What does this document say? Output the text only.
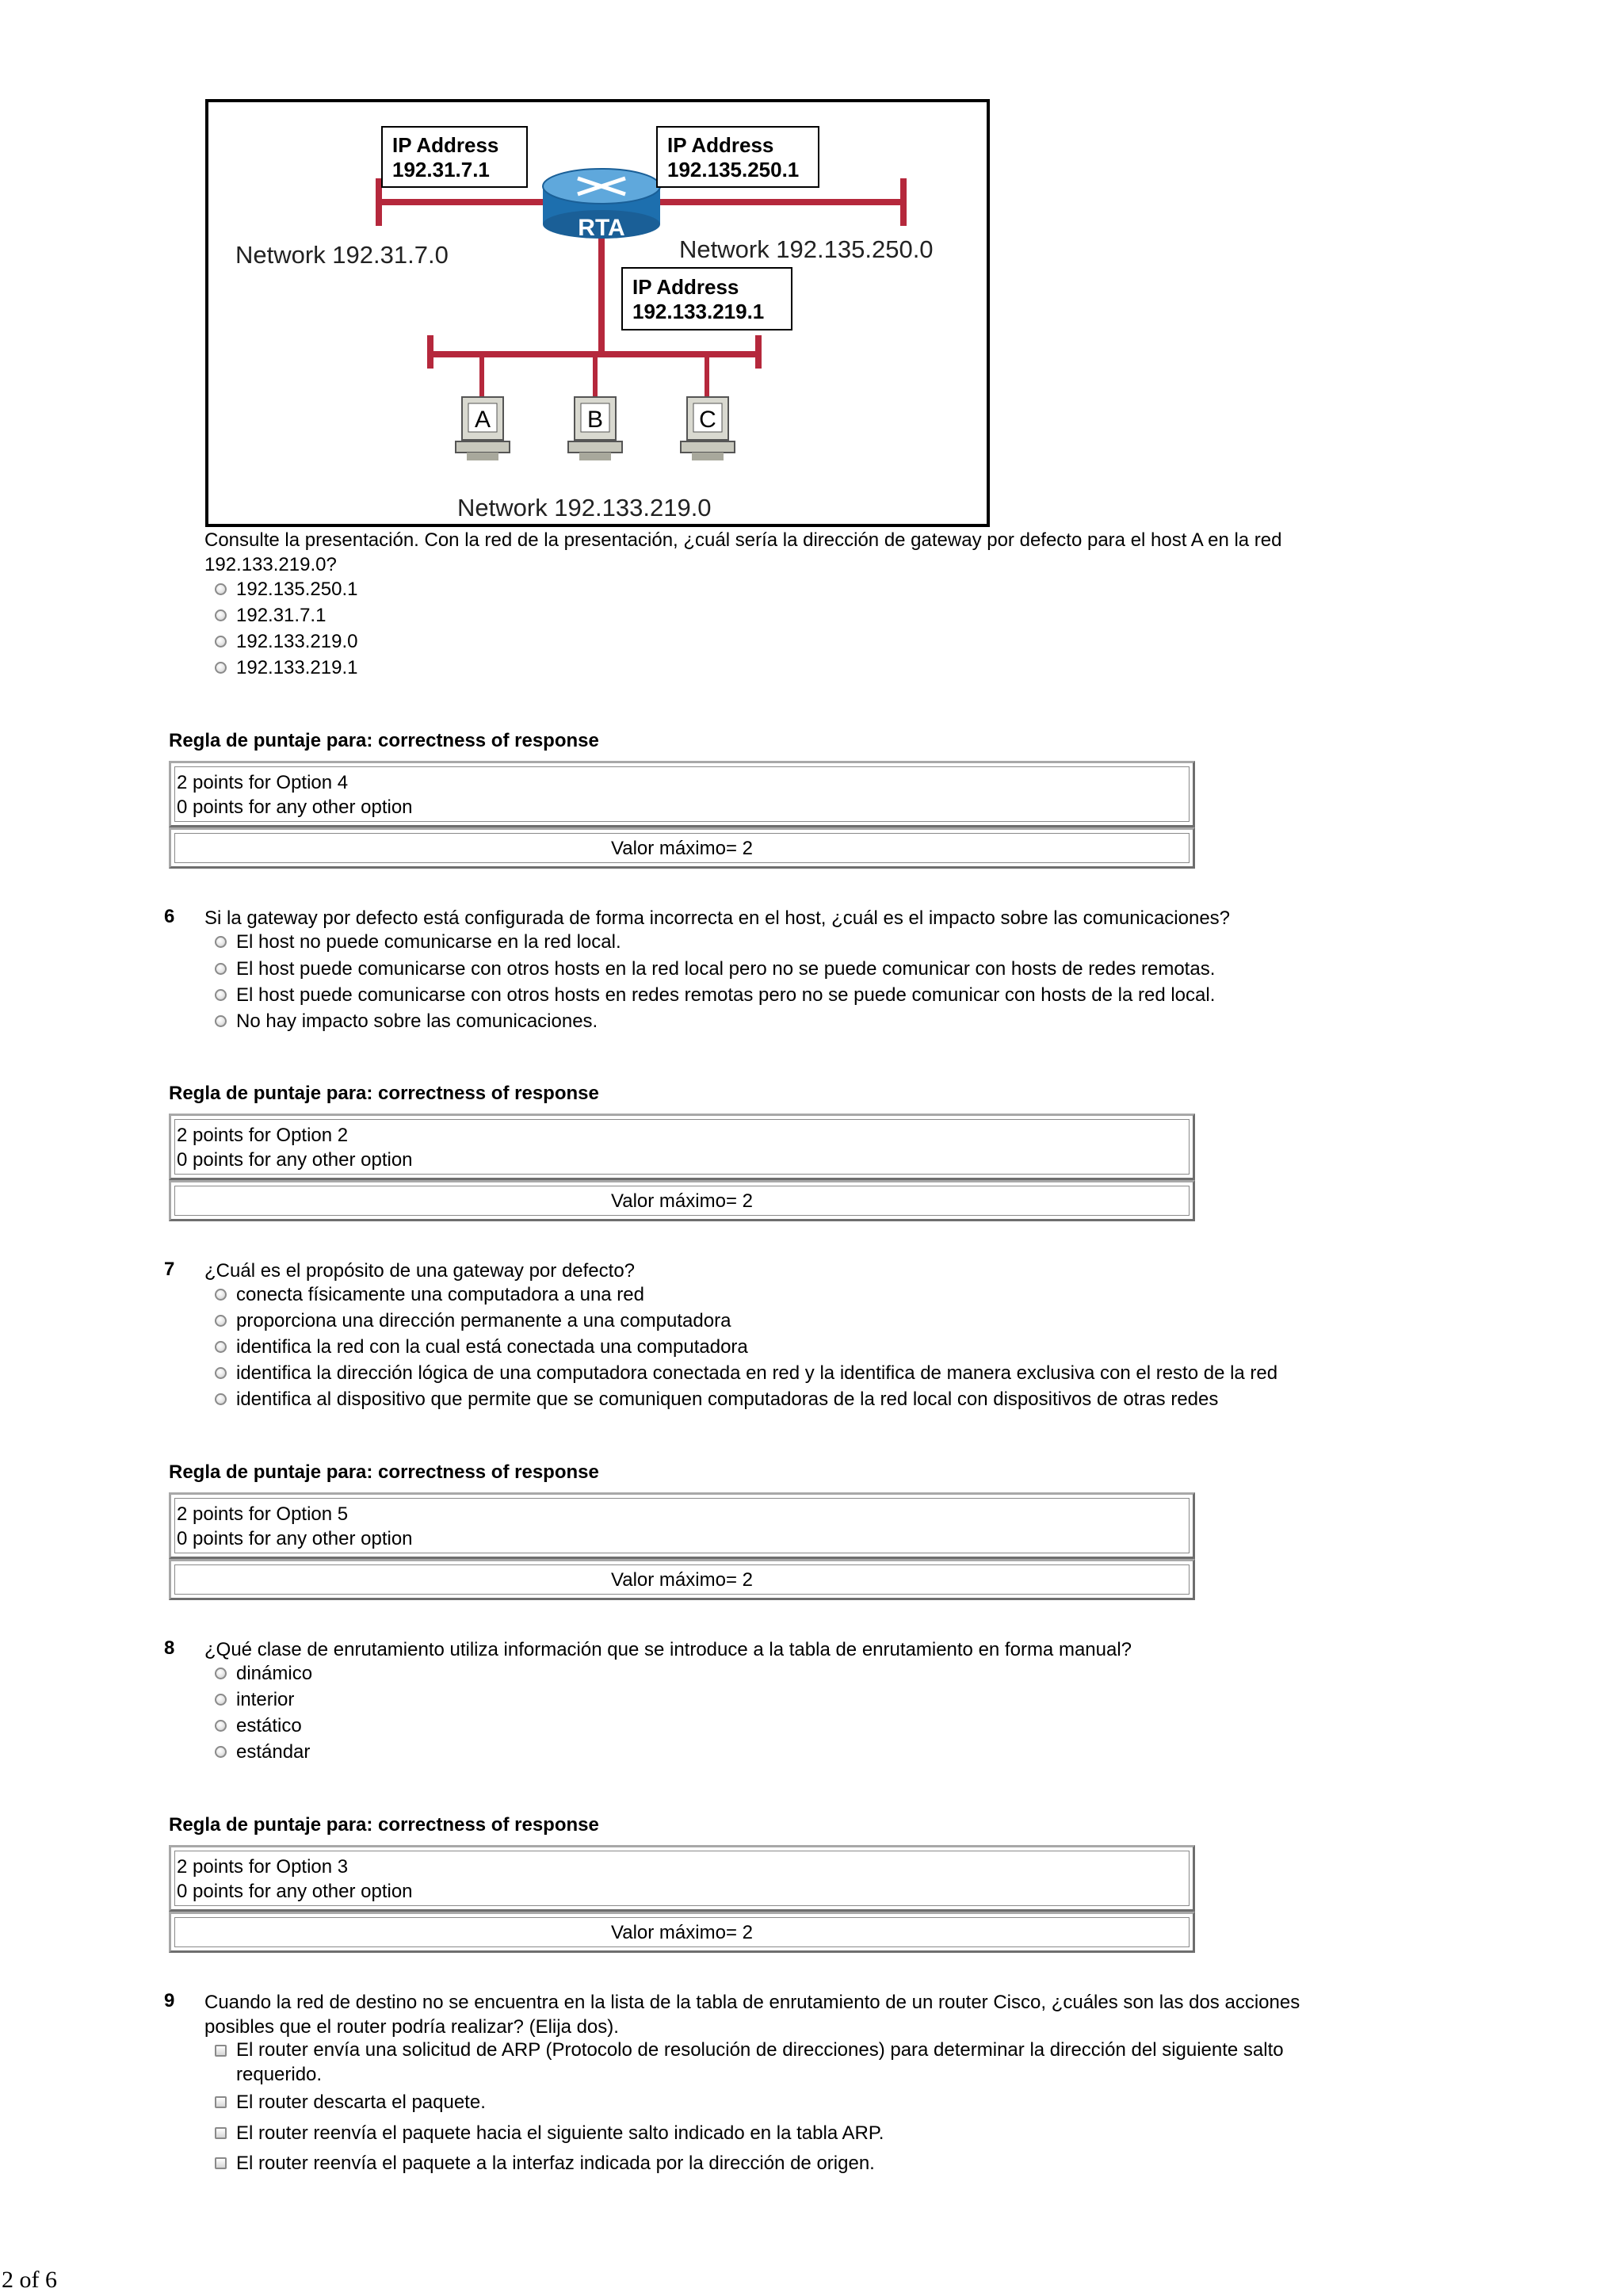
RTA
IP Address
192.31.7.1
IP Address
192.135.250.1
IP Address
192.133.219.1
Network 192.31.7.0	Network 192.135.250.0
Network 192.133.219.0
A	B	C
Consulte la presentación. Con la red de la presentación, ¿cuál sería la dirección de gateway por defecto para el host A en la red 192.133.219.0?
192.135.250.1
192.31.7.1
192.133.219.0
192.133.219.1
Regla de puntaje para: correctness of response
2 points for Option 4
0 points for any other option
Valor máximo= 2
6 Si la gateway por defecto está configurada de forma incorrecta en el host, ¿cuál es el impacto sobre las comunicaciones?
El host no puede comunicarse en la red local.
El host puede comunicarse con otros hosts en la red local pero no se puede comunicar con hosts de redes remotas.
El host puede comunicarse con otros hosts en redes remotas pero no se puede comunicar con hosts de la red local.
No hay impacto sobre las comunicaciones.
Regla de puntaje para: correctness of response
2 points for Option 2
0 points for any other option
Valor máximo= 2
7 ¿Cuál es el propósito de una gateway por defecto?
conecta físicamente una computadora a una red
proporciona una dirección permanente a una computadora
identifica la red con la cual está conectada una computadora
identifica la dirección lógica de una computadora conectada en red y la identifica de manera exclusiva con el resto de la red
identifica al dispositivo que permite que se comuniquen computadoras de la red local con dispositivos de otras redes
Regla de puntaje para: correctness of response
2 points for Option 5
0 points for any other option
Valor máximo= 2
8 ¿Qué clase de enrutamiento utiliza información que se introduce a la tabla de enrutamiento en forma manual?
dinámico
interior
estático
estándar
Regla de puntaje para: correctness of response
2 points for Option 3
0 points for any other option
Valor máximo= 2
9 Cuando la red de destino no se encuentra en la lista de la tabla de enrutamiento de un router Cisco, ¿cuáles son las dos acciones posibles que el router podría realizar? (Elija dos).
El router envía una solicitud de ARP (Protocolo de resolución de direcciones) para determinar la dirección del siguiente salto requerido.
El router descarta el paquete.
El router reenvía el paquete hacia el siguiente salto indicado en la tabla ARP.
El router reenvía el paquete a la interfaz indicada por la dirección de origen.
2 of 6
